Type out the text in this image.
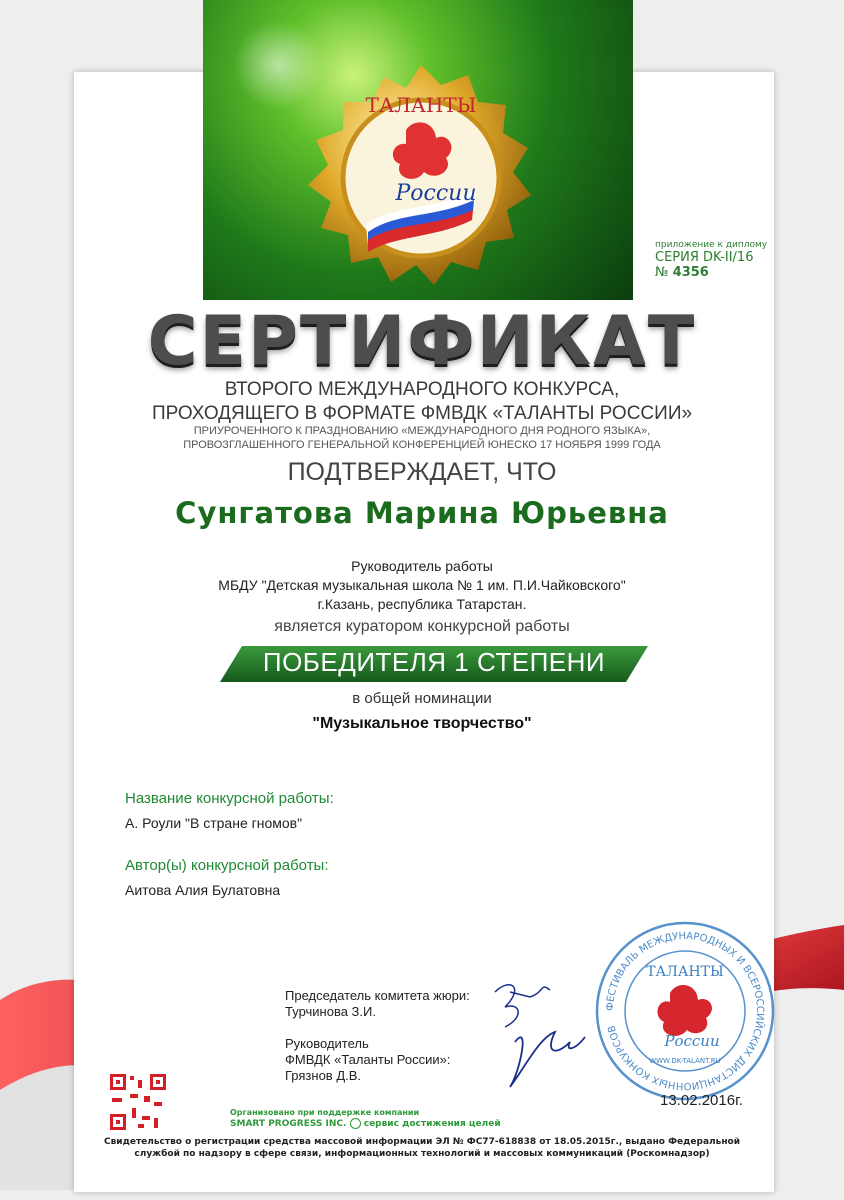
ТАЛАНТЫ
России
приложение к диплому
СЕРИЯ DK-II/16
№ 4356
СЕРТИФИКАТ
ВТОРОГО МЕЖДУНАРОДНОГО КОНКУРСА,
ПРОХОДЯЩЕГО В ФОРМАТЕ ФМВДК «ТАЛАНТЫ РОССИИ»
ПРИУРОЧЕННОГО К ПРАЗДНОВАНИЮ «МЕЖДУНАРОДНОГО ДНЯ РОДНОГО ЯЗЫКА»,
ПРОВОЗГЛАШЕННОГО ГЕНЕРАЛЬНОЙ КОНФЕРЕНЦИЕЙ ЮНЕСКО 17 НОЯБРЯ 1999 ГОДА
ПОДТВЕРЖДАЕТ, ЧТО
Сунгатова Марина Юрьевна
Руководитель работы
МБДУ "Детская музыкальная школа № 1 им. П.И.Чайковского"
г.Казань, республика Татарстан.
является куратором конкурсной работы
ПОБЕДИТЕЛЯ 1 СТЕПЕНИ
в общей номинации
"Музыкальное творчество"
Название конкурсной работы:
А. Роули "В стране гномов"
Автор(ы) конкурсной работы:
Аитова Алия Булатовна
Председатель комитета жюри:
Турчинова З.И.
Руководитель
ФМВДК «Таланты России»:
Грязнов Д.В.
ФЕСТИВАЛЬ МЕЖДУНАРОДНЫХ И ВСЕРОССИЙСКИХ ДИСТАНЦИОННЫХ КОНКУРСОВ
ТАЛАНТЫ
России
WWW.DK-TALANT.RU
13.02.2016г.
Организовано при поддержке компании
SMART PROGRESS INC. сервис достижения целей
Свидетельство о регистрации средства массовой информации ЭЛ № ФС77-618838 от 18.05.2015г., выдано Федеральной
службой по надзору в сфере связи, информационных технологий и массовых коммуникаций (Роскомнадзор)
